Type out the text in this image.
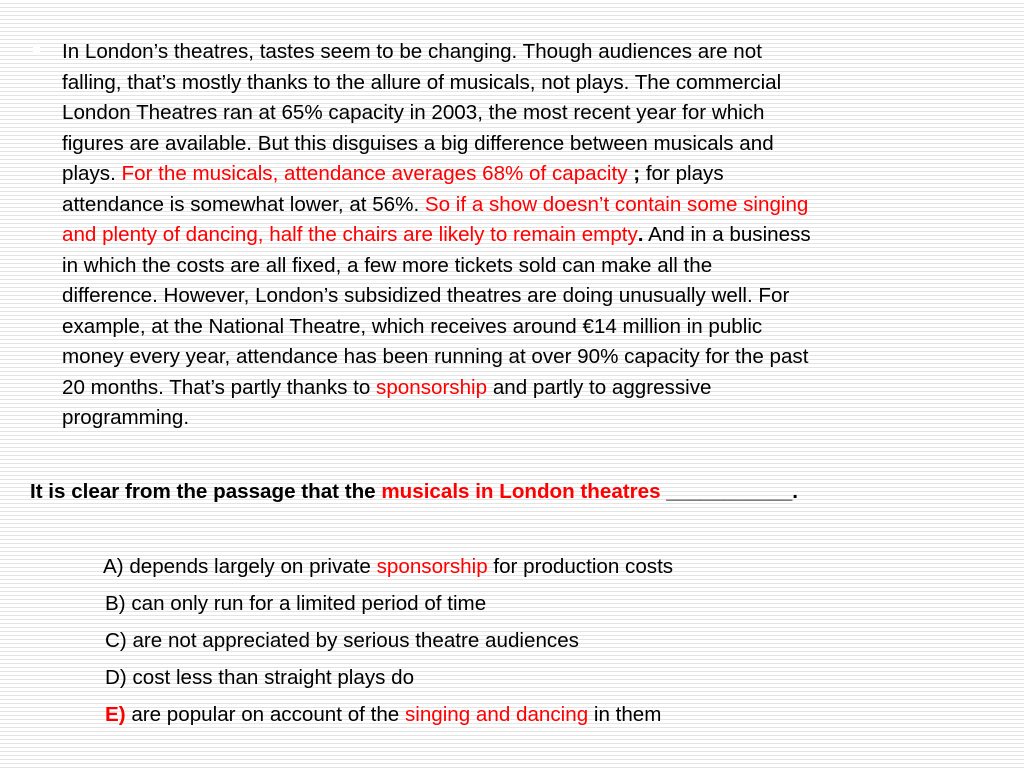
In London’s theatres, tastes seem to be changing. Though audiences are not
falling, that’s mostly thanks to the allure of musicals, not plays. The commercial
London Theatres ran at 65% capacity in 2003, the most recent year for which
figures are available. But this disguises a big difference between musicals and
plays. For the musicals, attendance averages 68% of capacity ; for plays
attendance is somewhat lower, at 56%. So if a show doesn’t contain some singing
and plenty of dancing, half the chairs are likely to remain empty. And in a business
in which the costs are all fixed, a few more tickets sold can make all the
difference. However, London’s subsidized theatres are doing unusually well. For
example, at the National Theatre, which receives around €14 million in public
money every year, attendance has been running at over 90% capacity for the past
20 months. That’s partly thanks to sponsorship and partly to aggressive
programming.
It is clear from the passage that the musicals in London theatres ___________.
A) depends largely on private sponsorship for production costs
B) can only run for a limited period of time
C) are not appreciated by serious theatre audiences
D) cost less than straight plays do
E) are popular on account of the singing and dancing in them
